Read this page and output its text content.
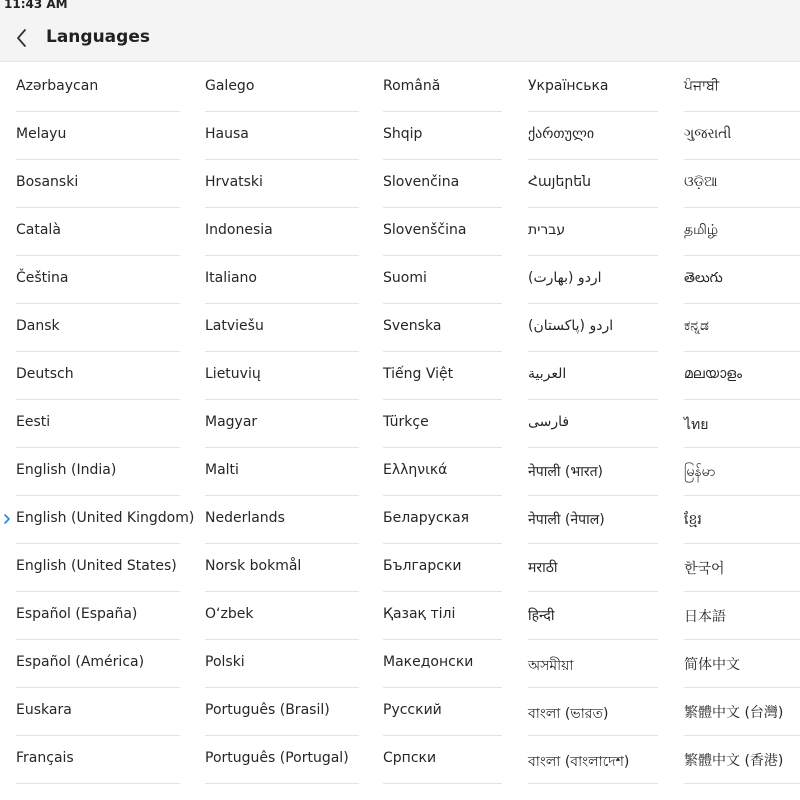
11:43 AM
Languages
Azərbaycan
Melayu
Bosanski
Català
Čeština
Dansk
Deutsch
Eesti
English (India)
English (United Kingdom)
English (United States)
Español (España)
Español (América)
Euskara
Français
Galego
Hausa
Hrvatski
Indonesia
Italiano
Latviešu
Lietuvių
Magyar
Malti
Nederlands
Norsk bokmål
O‘zbek
Polski
Português (Brasil)
Português (Portugal)
Română
Shqip
Slovenčina
Slovenščina
Suomi
Svenska
Tiếng Việt
Türkçe
Ελληνικά
Беларуская
Български
Қазақ тілі
Македонски
Русский
Српски
Українська
ქართული
Հայերեն
עברית
اردو (بھارت)
اردو (پاکستان)
العربية
فارسی
नेपाली (भारत)
नेपाली (नेपाल)
मराठी
हिन्दी
অসমীয়া
বাংলা (ভারত)
বাংলা (বাংলাদেশ)
ਪੰਜਾਬੀ
ગુજરાતી
ଓଡ଼ିଆ
தமிழ்
తెలుగు
ಕನ್ನಡ
മലയാളം
ไทย
မြန်မာ
ខ្មែរ
한국어
日本語
简体中文
繁體中文 (台灣)
繁體中文 (香港)
